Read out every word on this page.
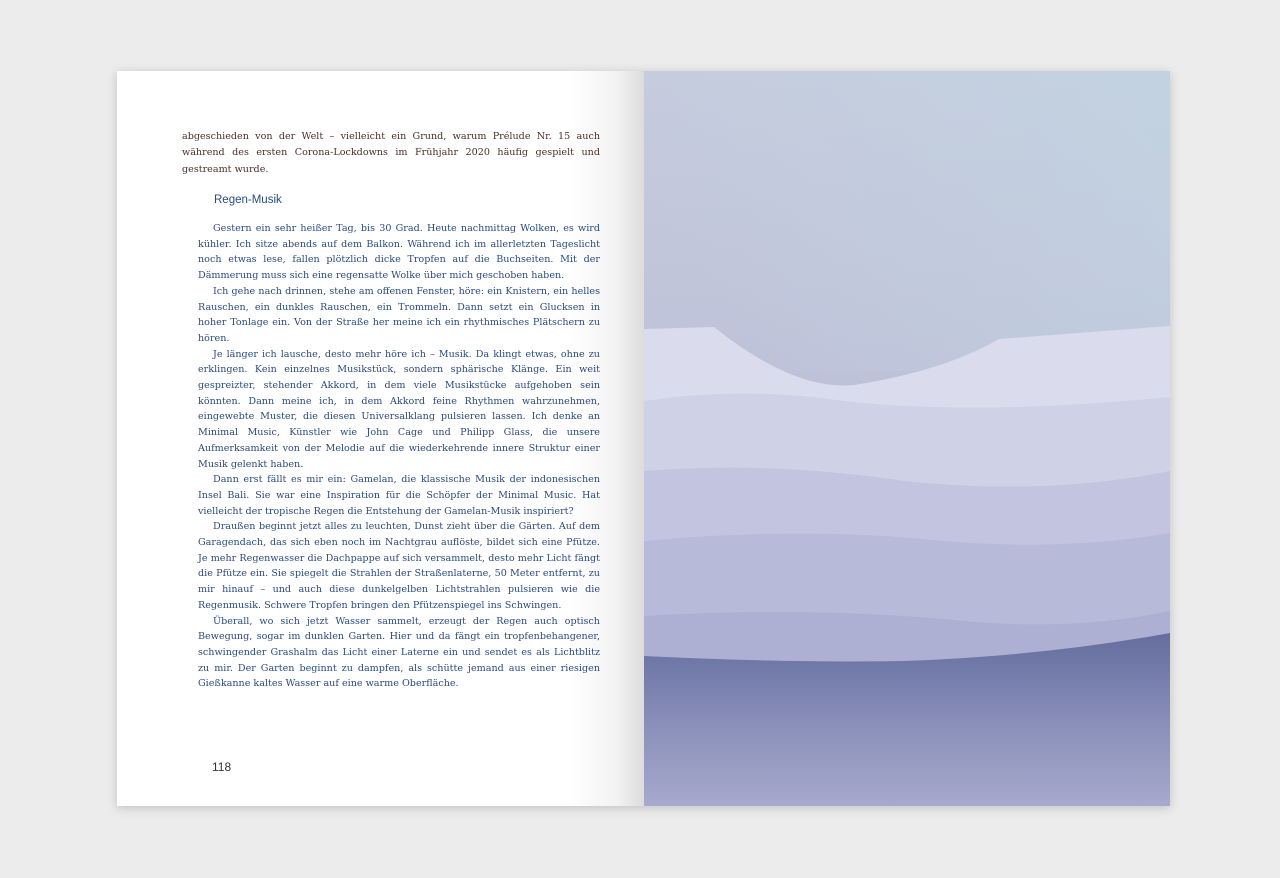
abgeschieden von der Welt – vielleicht ein Grund, warum Prélude Nr. 15 auch während des ersten Corona-Lockdowns im Frühjahr 2020 häufig gespielt und gestreamt wurde.

Regen-Musik

Gestern ein sehr heißer Tag, bis 30 Grad. Heute nachmittag Wolken, es wird kühler. Ich sitze abends auf dem Balkon. Während ich im allerletzten Tageslicht noch etwas lese, fallen plötzlich dicke Tropfen auf die Buchseiten. Mit der Dämmerung muss sich eine regensatte Wolke über mich geschoben haben.

Ich gehe nach drinnen, stehe am offenen Fenster, höre: ein Knistern, ein helles Rauschen, ein dunkles Rauschen, ein Trommeln. Dann setzt ein Glucksen in hoher Tonlage ein. Von der Straße her meine ich ein rhythmisches Plätschern zu hören.

Je länger ich lausche, desto mehr höre ich – Musik. Da klingt etwas, ohne zu erklingen. Kein einzelnes Musikstück, sondern sphärische Klänge. Ein weit gespreizter, stehender Akkord, in dem viele Musikstücke aufgehoben sein könnten. Dann meine ich, in dem Akkord feine Rhythmen wahrzunehmen, eingewebte Muster, die diesen Universalklang pulsieren lassen. Ich denke an Minimal Music, Künstler wie John Cage und Philipp Glass, die unsere Aufmerksamkeit von der Melodie auf die wiederkehrende innere Struktur einer Musik gelenkt haben.

Dann erst fällt es mir ein: Gamelan, die klassische Musik der indonesischen Insel Bali. Sie war eine Inspiration für die Schöpfer der Minimal Music. Hat vielleicht der tropische Regen die Entstehung der Gamelan-Musik inspiriert?

Draußen beginnt jetzt alles zu leuchten, Dunst zieht über die Gärten. Auf dem Garagendach, das sich eben noch im Nachtgrau auflöste, bildet sich eine Pfütze. Je mehr Regenwasser die Dachpappe auf sich versammelt, desto mehr Licht fängt die Pfütze ein. Sie spiegelt die Strahlen der Straßenlaterne, 50 Meter entfernt, zu mir hinauf – und auch diese dunkelgelben Lichtstrahlen pulsieren wie die Regenmusik. Schwere Tropfen bringen den Pfützenspiegel ins Schwingen.

Überall, wo sich jetzt Wasser sammelt, erzeugt der Regen auch optisch Bewegung, sogar im dunklen Garten. Hier und da fängt ein tropfenbehangener, schwingender Grashalm das Licht einer Laterne ein und sendet es als Lichtblitz zu mir. Der Garten beginnt zu dampfen, als schütte jemand aus einer riesigen Gießkanne kaltes Wasser auf eine warme Oberfläche.

118
